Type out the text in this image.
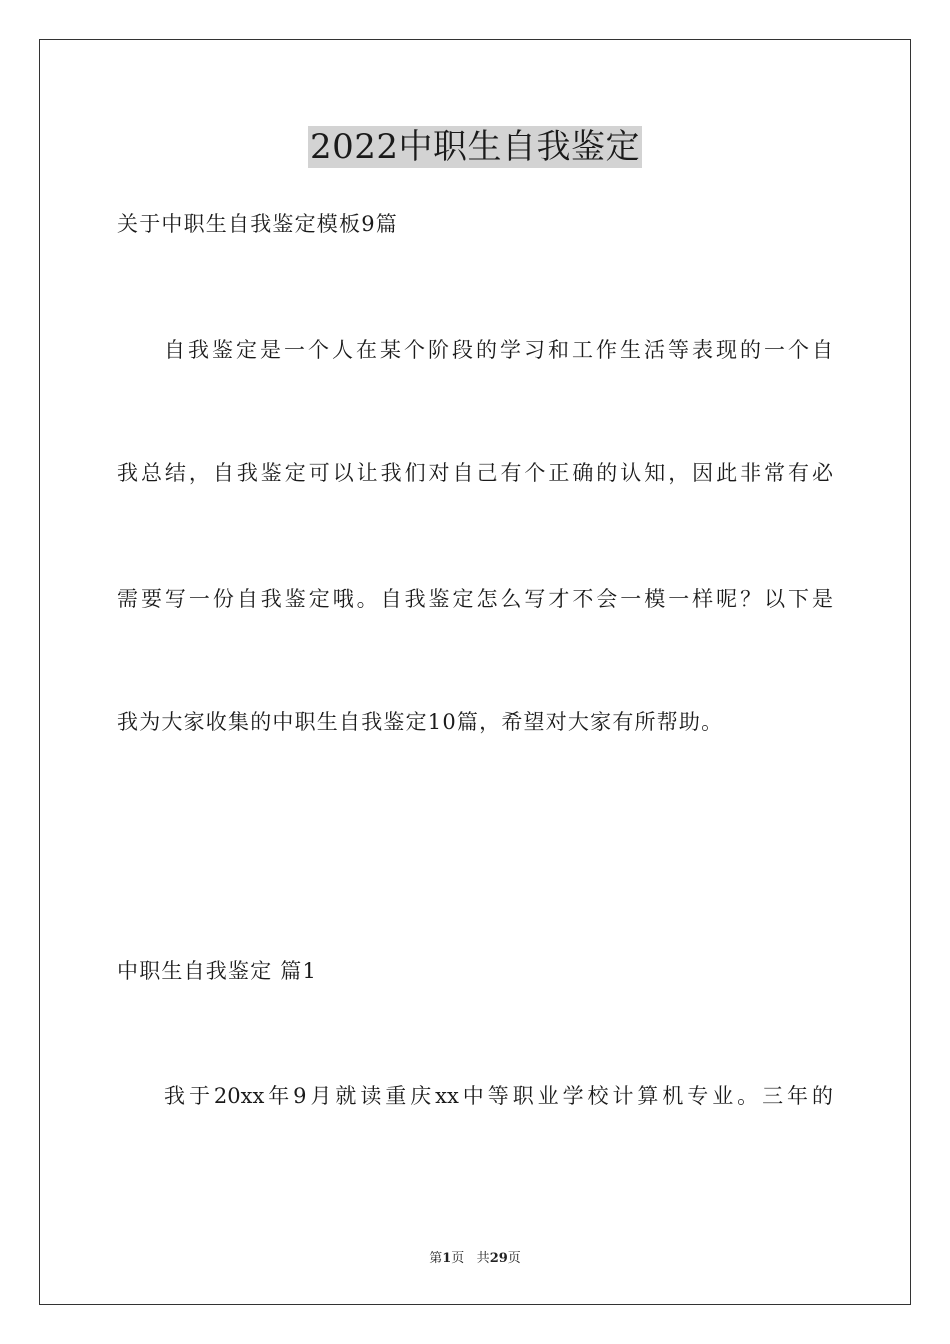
2022中职生自我鉴定

关于中职生自我鉴定模板9篇

自我鉴定是一个人在某个阶段的学习和工作生活等表现的一个自

我总结，自我鉴定可以让我们对自己有个正确的认知，因此非常有必

需要写一份自我鉴定哦。自我鉴定怎么写才不会一模一样呢？以下是

我为大家收集的中职生自我鉴定10篇，希望对大家有所帮助。

中职生自我鉴定 篇1

我于20xx年9月就读重庆xx中等职业学校计算机专业。三年的

第1页 共29页
